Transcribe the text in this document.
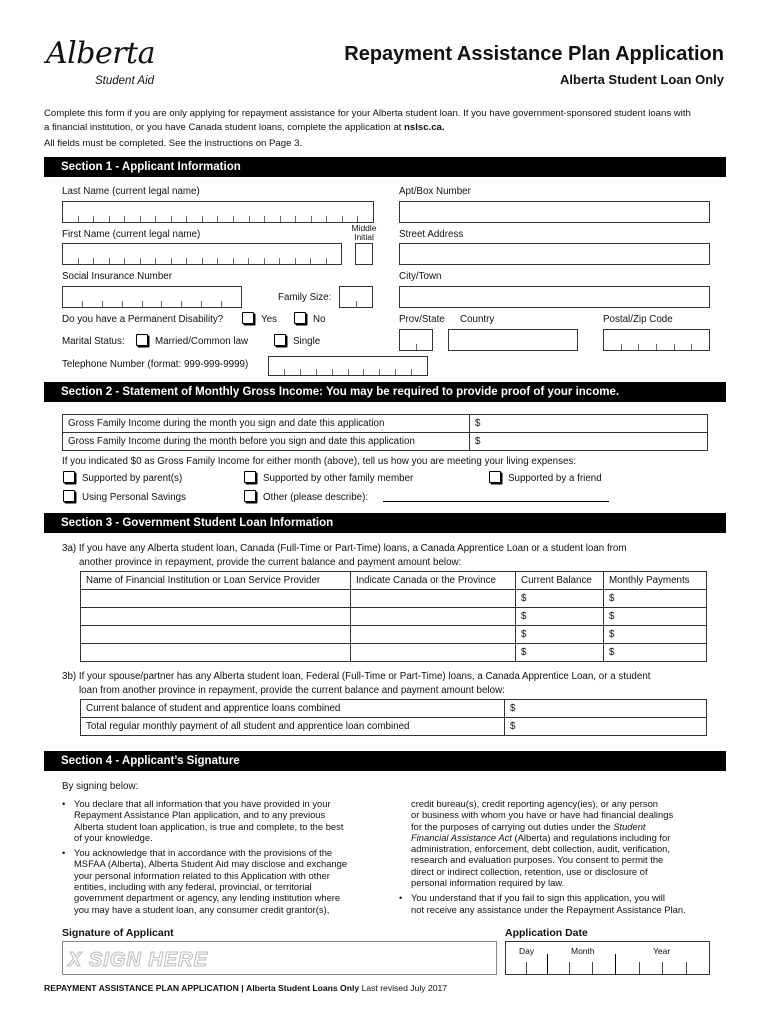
Alberta
Student Aid
Repayment Assistance Plan Application
Alberta Student Loan Only
Complete this form if you are only applying for repayment assistance for your Alberta student loan. If you have government-sponsored student loans with
a financial institution, or you have Canada student loans, complete the application at nslsc.ca.
All fields must be completed. See the instructions on Page 3.
Section 1 - Applicant Information
Last Name (current legal name)	Apt/Box Number
First Name (current legal name)
Middle
Initial	Street Address
Social Insurance Number	City/Town
Family Size:
Do you have a Permanent Disability?	Yes	No	Prov/State Country	Postal/Zip Code
Marital Status:	Married/Common law	Single
Telephone Number (format: 999-999-9999)
Section 2 - Statement of Monthly Gross Income: You may be required to provide proof of your income.
Gross Family Income during the month you sign and date this application	$
Gross Family Income during the month before you sign and date this application	$
If you indicated $0 as Gross Family Income for either month (above), tell us how you are meeting your living expenses:
Supported by parent(s)	Supported by other family member	Supported by a friend
Using Personal Savings	Other (please describe):
Section 3 - Government Student Loan Information
3a) If you have any Alberta student loan, Canada (Full-Time or Part-Time) loans, a Canada Apprentice Loan or a student loan from
another province in repayment, provide the current balance and payment amount below:
Name of Financial Institution or Loan Service Provider	Indicate Canada or the Province	Current Balance	Monthly Payments
		$	$
		$	$
		$	$
		$	$
3b) If your spouse/partner has any Alberta student loan, Federal (Full-Time or Part-Time) loans, a Canada Apprentice Loan, or a student
loan from another province in repayment, provide the current balance and payment amount below:
Current balance of student and apprentice loans combined	$
Total regular monthly payment of all student and apprentice loan combined	$
Section 4 - Applicant’s Signature
By signing below:
• You declare that all information that you have provided in your
Repayment Assistance Plan application, and to any previous
Alberta student loan application, is true and complete, to the best
of your knowledge.
• You acknowledge that in accordance with the provisions of the
MSFAA (Alberta), Alberta Student Aid may disclose and exchange
your personal information related to this Application with other
entities, including with any federal, provincial, or territorial
government department or agency, any lending institution where
you may have a student loan, any consumer credit grantor(s),
credit bureau(s), credit reporting agency(ies), or any person
or business with whom you have or have had financial dealings
for the purposes of carrying out duties under the Student
Financial Assistance Act (Alberta) and regulations including for
administration, enforcement, debt collection, audit, verification,
research and evaluation purposes. You consent to permit the
direct or indirect collection, retention, use or disclosure of
personal information required by law.
• You understand that if you fail to sign this application, you will
not receive any assistance under the Repayment Assistance Plan.
Signature of Applicant	Application Date
X SIGN HERE	Day	Month	Year
REPAYMENT ASSISTANCE PLAN APPLICATION | Alberta Student Loans Only Last revised July 2017
